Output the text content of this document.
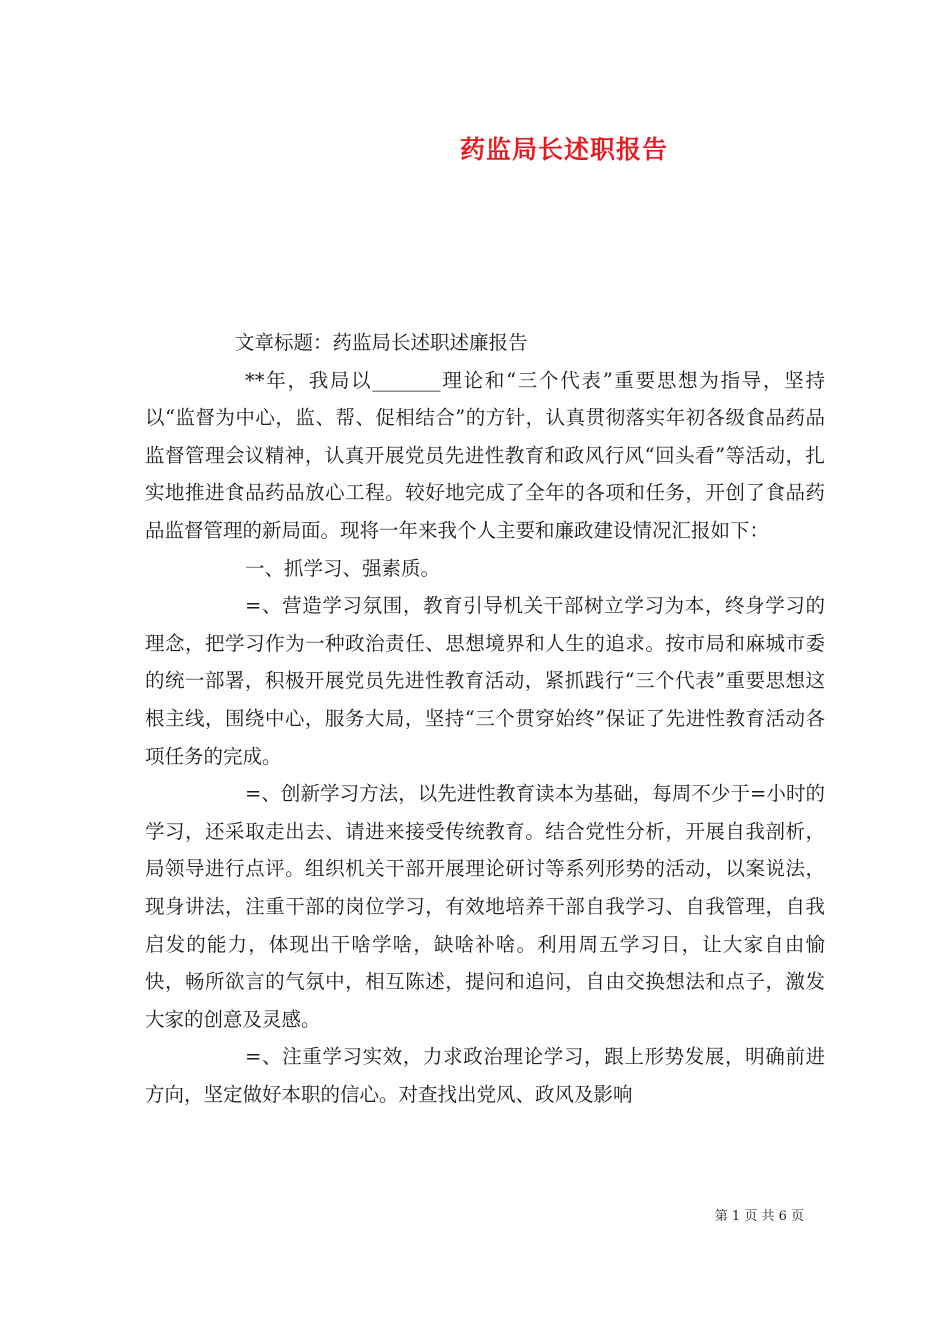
药监局长述职报告

文章标题：药监局长述职述廉报告

**年，我局以_______理论和“三个代表”重要思想为指导，坚持以“监督为中心，监、帮、促相结合”的方针，认真贯彻落实年初各级食品药品监督管理会议精神，认真开展党员先进性教育和政风行风“回头看”等活动，扎实地推进食品药品放心工程。较好地完成了全年的各项和任务，开创了食品药品监督管理的新局面。现将一年来我个人主要和廉政建设情况汇报如下：

一、抓学习、强素质。

=、营造学习氛围，教育引导机关干部树立学习为本，终身学习的理念，把学习作为一种政治责任、思想境界和人生的追求。按市局和麻城市委的统一部署，积极开展党员先进性教育活动，紧抓践行“三个代表”重要思想这根主线，围绕中心，服务大局，坚持“三个贯穿始终”保证了先进性教育活动各项任务的完成。

=、创新学习方法，以先进性教育读本为基础，每周不少于=小时的学习，还采取走出去、请进来接受传统教育。结合党性分析，开展自我剖析，局领导进行点评。组织机关干部开展理论研讨等系列形势的活动，以案说法，现身讲法，注重干部的岗位学习，有效地培养干部自我学习、自我管理，自我启发的能力，体现出干啥学啥，缺啥补啥。利用周五学习日，让大家自由愉快，畅所欲言的气氛中，相互陈述，提问和追问，自由交换想法和点子，激发大家的创意及灵感。

=、注重学习实效，力求政治理论学习，跟上形势发展，明确前进方向，坚定做好本职的信心。对查找出党风、政风及影响

第 1 页 共 6 页
